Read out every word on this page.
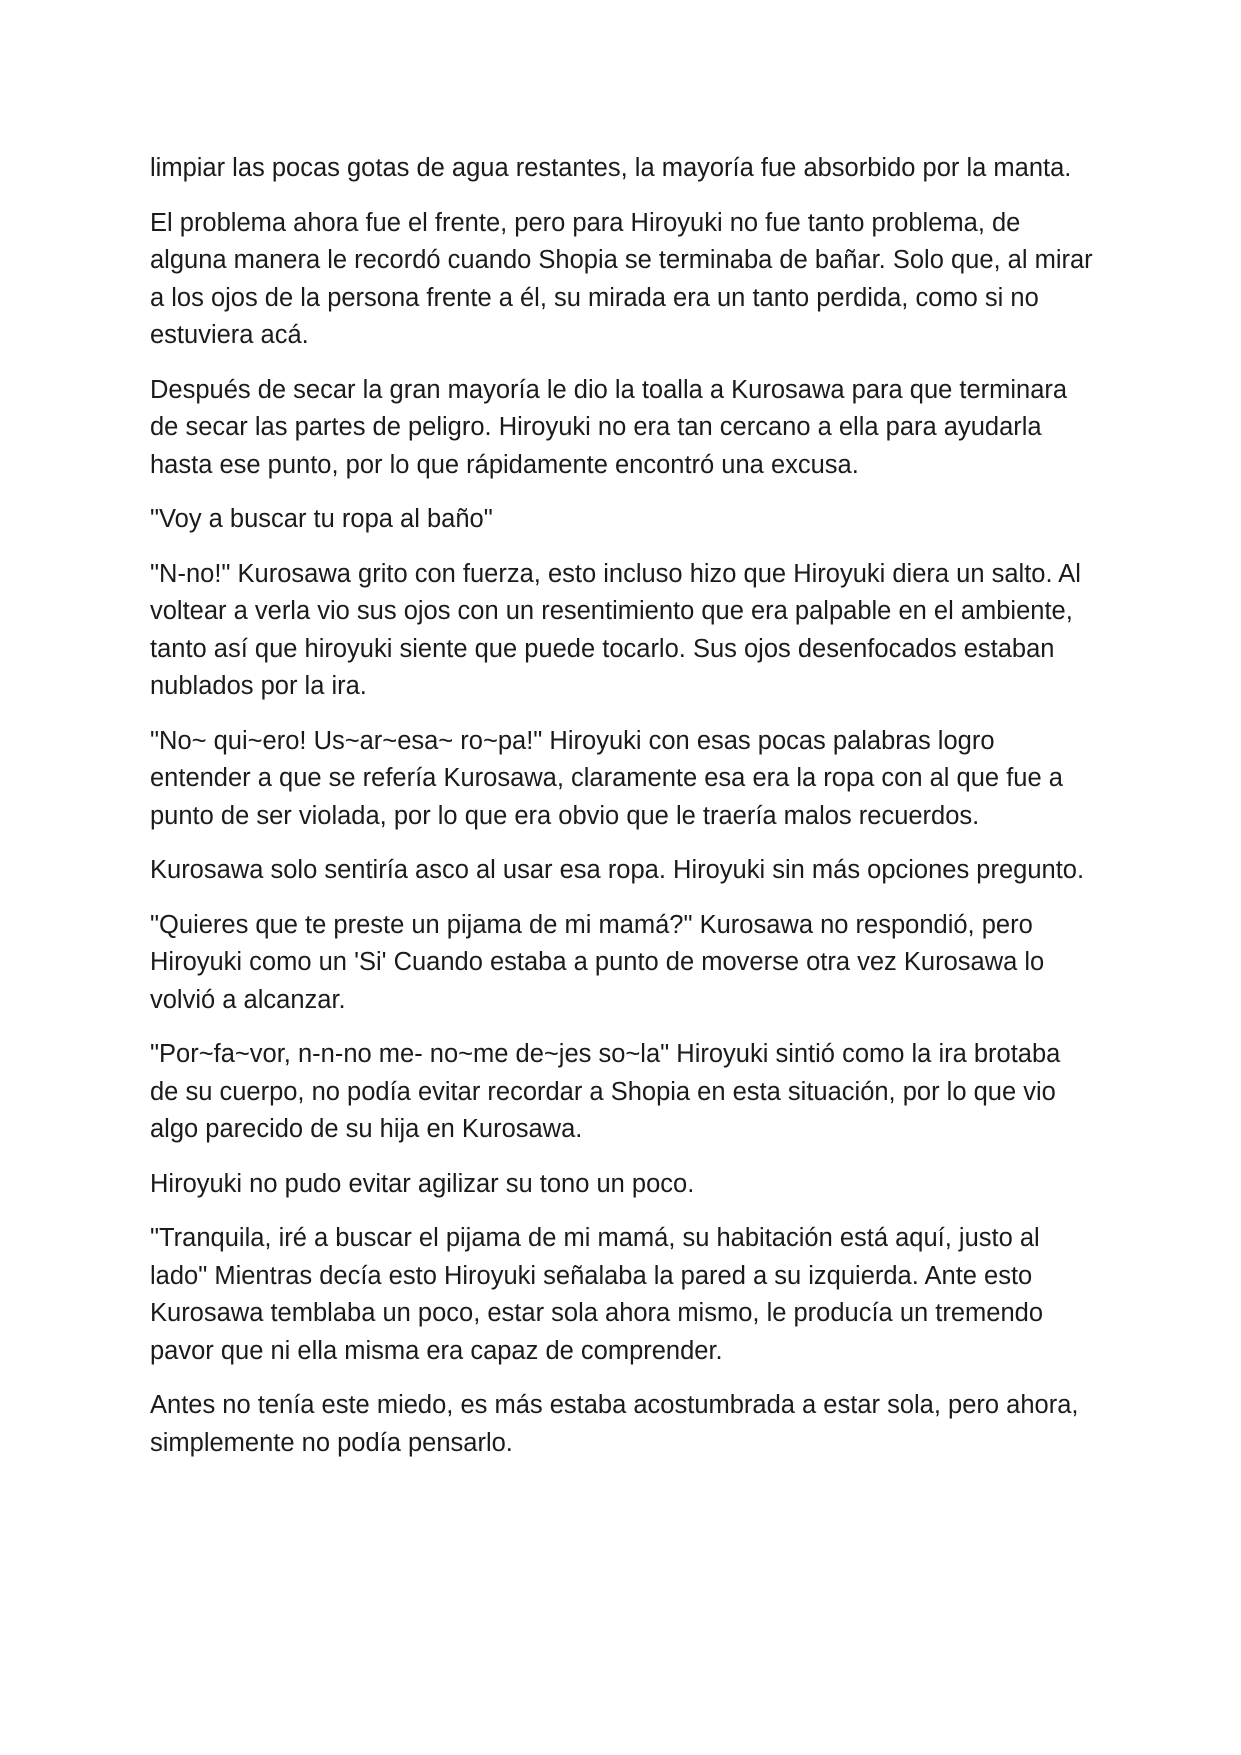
limpiar las pocas gotas de agua restantes, la mayoría fue absorbido por la manta.

El problema ahora fue el frente, pero para Hiroyuki no fue tanto problema, de alguna manera le recordó cuando Shopia se terminaba de bañar. Solo que, al mirar a los ojos de la persona frente a él, su mirada era un tanto perdida, como si no estuviera acá.

Después de secar la gran mayoría le dio la toalla a Kurosawa para que terminara de secar las partes de peligro. Hiroyuki no era tan cercano a ella para ayudarla hasta ese punto, por lo que rápidamente encontró una excusa.

"Voy a buscar tu ropa al baño"

"N-no!" Kurosawa grito con fuerza, esto incluso hizo que Hiroyuki diera un salto. Al voltear a verla vio sus ojos con un resentimiento que era palpable en el ambiente, tanto así que hiroyuki siente que puede tocarlo. Sus ojos desenfocados estaban nublados por la ira.

"No~ qui~ero! Us~ar~esa~ ro~pa!" Hiroyuki con esas pocas palabras logro entender a que se refería Kurosawa, claramente esa era la ropa con al que fue a punto de ser violada, por lo que era obvio que le traería malos recuerdos.

Kurosawa solo sentiría asco al usar esa ropa. Hiroyuki sin más opciones pregunto.

"Quieres que te preste un pijama de mi mamá?" Kurosawa no respondió, pero Hiroyuki como un 'Si' Cuando estaba a punto de moverse otra vez Kurosawa lo volvió a alcanzar.

"Por~fa~vor, n-n-no me- no~me de~jes so~la" Hiroyuki sintió como la ira brotaba de su cuerpo, no podía evitar recordar a Shopia en esta situación, por lo que vio algo parecido de su hija en Kurosawa.

Hiroyuki no pudo evitar agilizar su tono un poco.

"Tranquila, iré a buscar el pijama de mi mamá, su habitación está aquí, justo al lado" Mientras decía esto Hiroyuki señalaba la pared a su izquierda. Ante esto Kurosawa temblaba un poco, estar sola ahora mismo, le producía un tremendo pavor que ni ella misma era capaz de comprender.

Antes no tenía este miedo, es más estaba acostumbrada a estar sola, pero ahora, simplemente no podía pensarlo.
